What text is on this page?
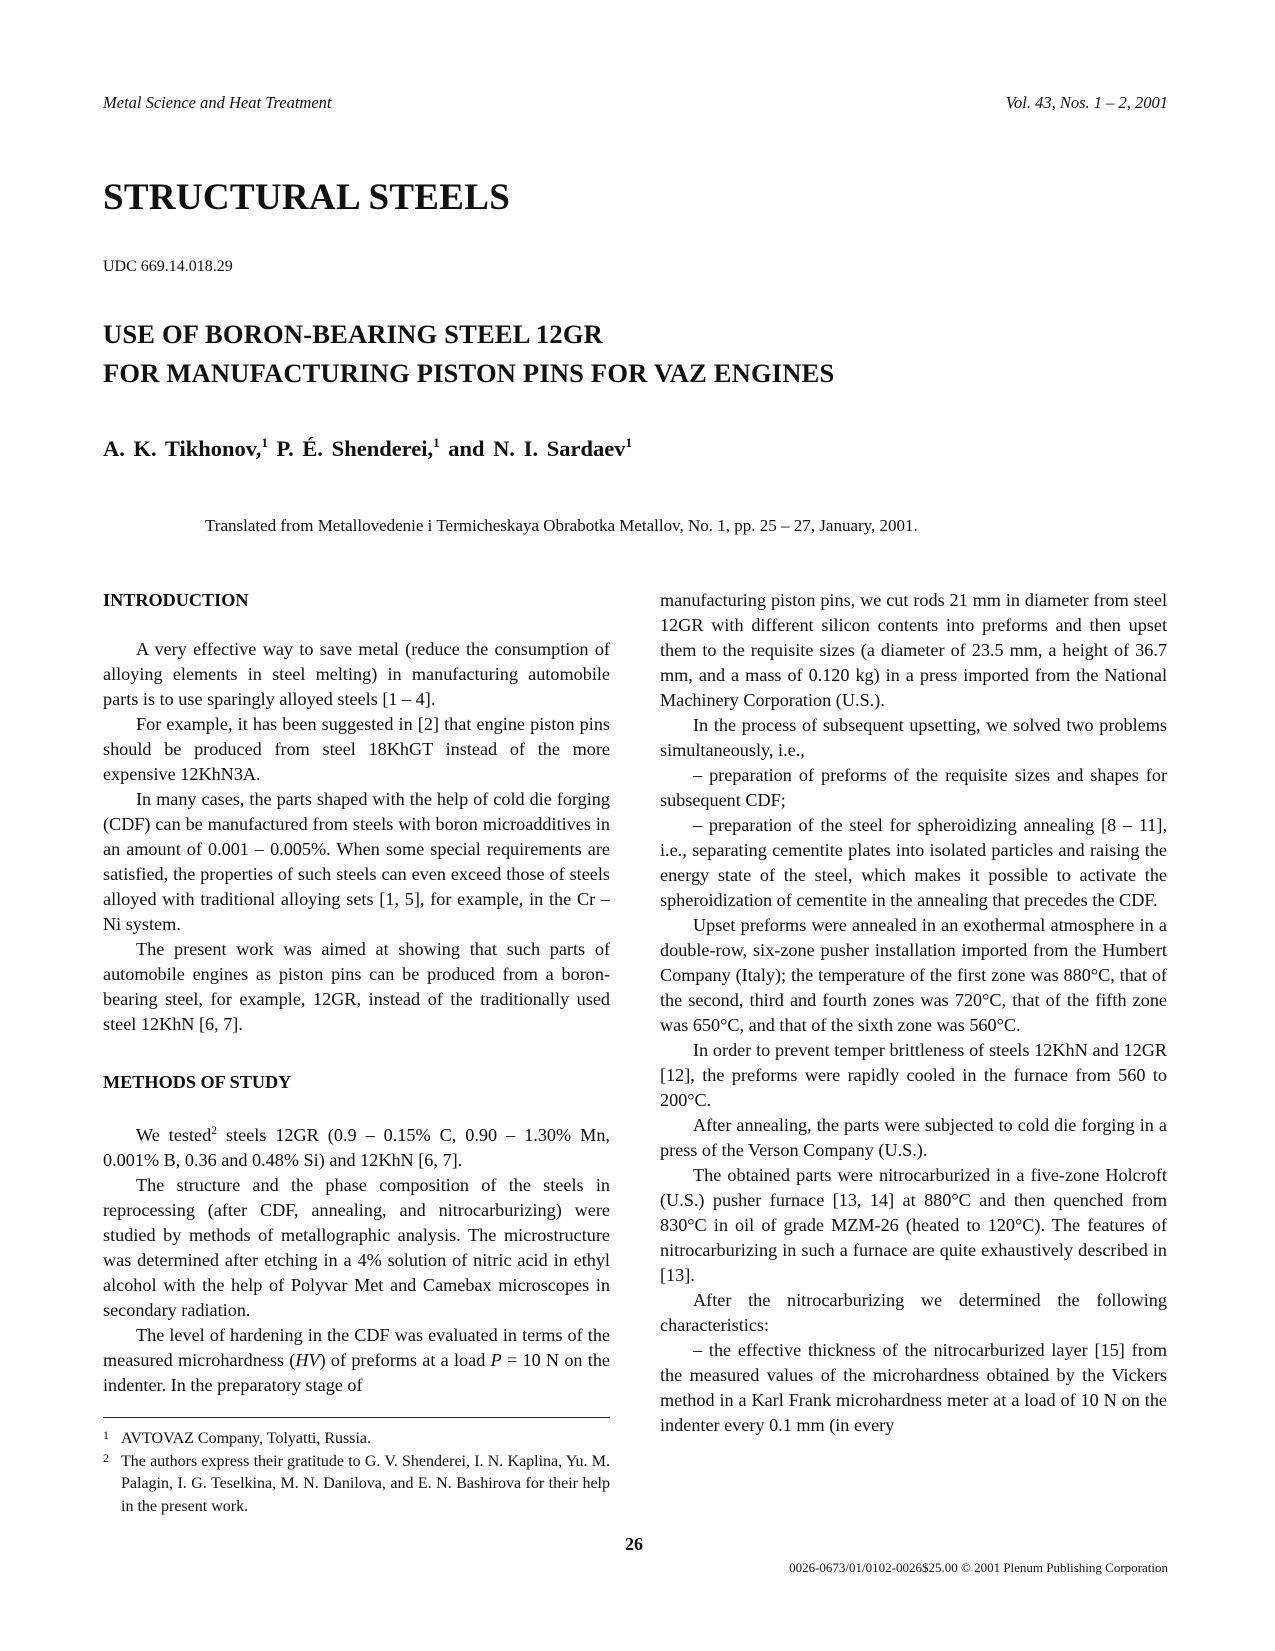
Metal Science and Heat Treatment	Vol. 43, Nos. 1 – 2, 2001
STRUCTURAL STEELS
UDC 669.14.018.29
USE OF BORON-BEARING STEEL 12GR
FOR MANUFACTURING PISTON PINS FOR VAZ ENGINES
A. K. Tikhonov,$^1$ P. É. Shenderei,$^1$ and N. I. Sardaev$^1$
Translated from Metallovedenie i Termicheskaya Obrabotka Metallov, No. 1, pp. 25 – 27, January, 2001.

INTRODUCTION

A very effective way to save metal (reduce the consumption of alloying elements in steel melting) in manufacturing automobile parts is to use sparingly alloyed steels [1 – 4].

For example, it has been suggested in [2] that engine piston pins should be produced from steel 18KhGT instead of the more expensive 12KhN3A.

In many cases, the parts shaped with the help of cold die forging (CDF) can be manufactured from steels with boron microadditives in an amount of 0.001 – 0.005%. When some special requirements are satisfied, the properties of such steels can even exceed those of steels alloyed with traditional alloying sets [1, 5], for example, in the Cr – Ni system.

The present work was aimed at showing that such parts of automobile engines as piston pins can be produced from a boron-bearing steel, for example, 12GR, instead of the traditionally used steel 12KhN [6, 7].

METHODS OF STUDY

We tested$^2$ steels 12GR (0.9 – 0.15% C, 0.90 – 1.30% Mn, 0.001% B, 0.36 and 0.48% Si) and 12KhN [6, 7].

The structure and the phase composition of the steels in reprocessing (after CDF, annealing, and nitrocarburizing) were studied by methods of metallographic analysis. The microstructure was determined after etching in a 4% solution of nitric acid in ethyl alcohol with the help of Polyvar Met and Camebax microscopes in secondary radiation.

The level of hardening in the CDF was evaluated in terms of the measured microhardness (HV) of preforms at a load P = 10 N on the indenter. In the preparatory stage of

manufacturing piston pins, we cut rods 21 mm in diameter from steel 12GR with different silicon contents into preforms and then upset them to the requisite sizes (a diameter of 23.5 mm, a height of 36.7 mm, and a mass of 0.120 kg) in a press imported from the National Machinery Corporation (U.S.).

In the process of subsequent upsetting, we solved two problems simultaneously, i.e.,

– preparation of preforms of the requisite sizes and shapes for subsequent CDF;

– preparation of the steel for spheroidizing annealing [8 – 11], i.e., separating cementite plates into isolated particles and raising the energy state of the steel, which makes it possible to activate the spheroidization of cementite in the annealing that precedes the CDF.

Upset preforms were annealed in an exothermal atmosphere in a double-row, six-zone pusher installation imported from the Humbert Company (Italy); the temperature of the first zone was 880°C, that of the second, third and fourth zones was 720°C, that of the fifth zone was 650°C, and that of the sixth zone was 560°C.

In order to prevent temper brittleness of steels 12KhN and 12GR [12], the preforms were rapidly cooled in the furnace from 560 to 200°C.

After annealing, the parts were subjected to cold die forging in a press of the Verson Company (U.S.).

The obtained parts were nitrocarburized in a five-zone Holcroft (U.S.) pusher furnace [13, 14] at 880°C and then quenched from 830°C in oil of grade MZM-26 (heated to 120°C). The features of nitrocarburizing in such a furnace are quite exhaustively described in [13].

After the nitrocarburizing we determined the following characteristics:

– the effective thickness of the nitrocarburized layer [15] from the measured values of the microhardness obtained by the Vickers method in a Karl Frank microhardness meter at a load of 10 N on the indenter every 0.1 mm (in every

1 AVTOVAZ Company, Tolyatti, Russia.

2 The authors express their gratitude to G. V. Shenderei, I. N. Kaplina, Yu. M. Palagin, I. G. Teselkina, M. N. Danilova, and E. N. Bashirova for their help in the present work.

26
0026-0673/01/0102-0026$25.00 © 2001 Plenum Publishing Corporation
